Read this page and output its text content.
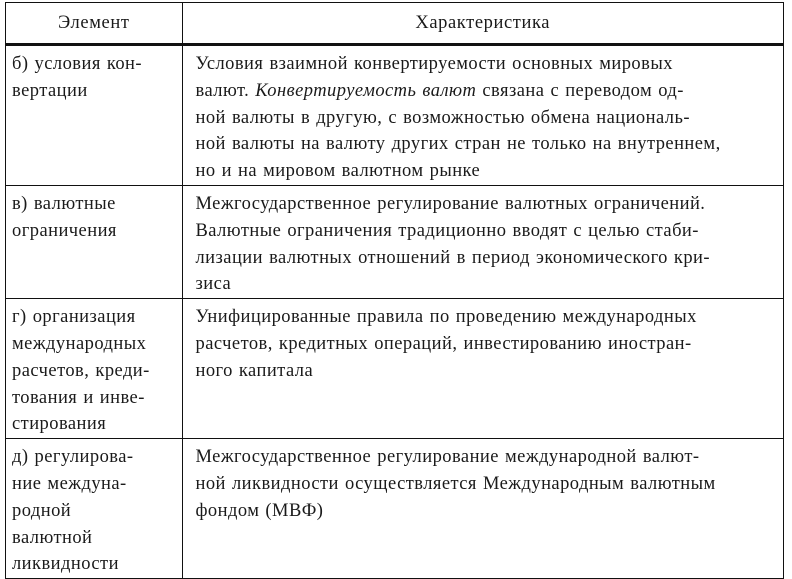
Элемент	Характеристика

б) условия кон-
вертации	Условия взаимной конвертируемости основных мировых
валют. Конвертируемость валют связана с переводом од-
ной валюты в другую, с возможностью обмена националь-
ной валюты на валюту других стран не только на внутреннем,
но и на мировом валютном рынке

в) валютные
ограничения	Межгосударственное регулирование валютных ограничений.
Валютные ограничения традиционно вводят с целью стаби-
лизации валютных отношений в период экономического кри-
зиса

г) организация
международных
расчетов, креди-
тования и инве-
стирования	Унифицированные правила по проведению международных
расчетов, кредитных операций, инвестированию иностран-
ного капитала

д) регулирова-
ние междуна-
родной
валютной
ликвидности	Межгосударственное регулирование международной валют-
ной ликвидности осуществляется Международным валютным
фондом (МВФ)
